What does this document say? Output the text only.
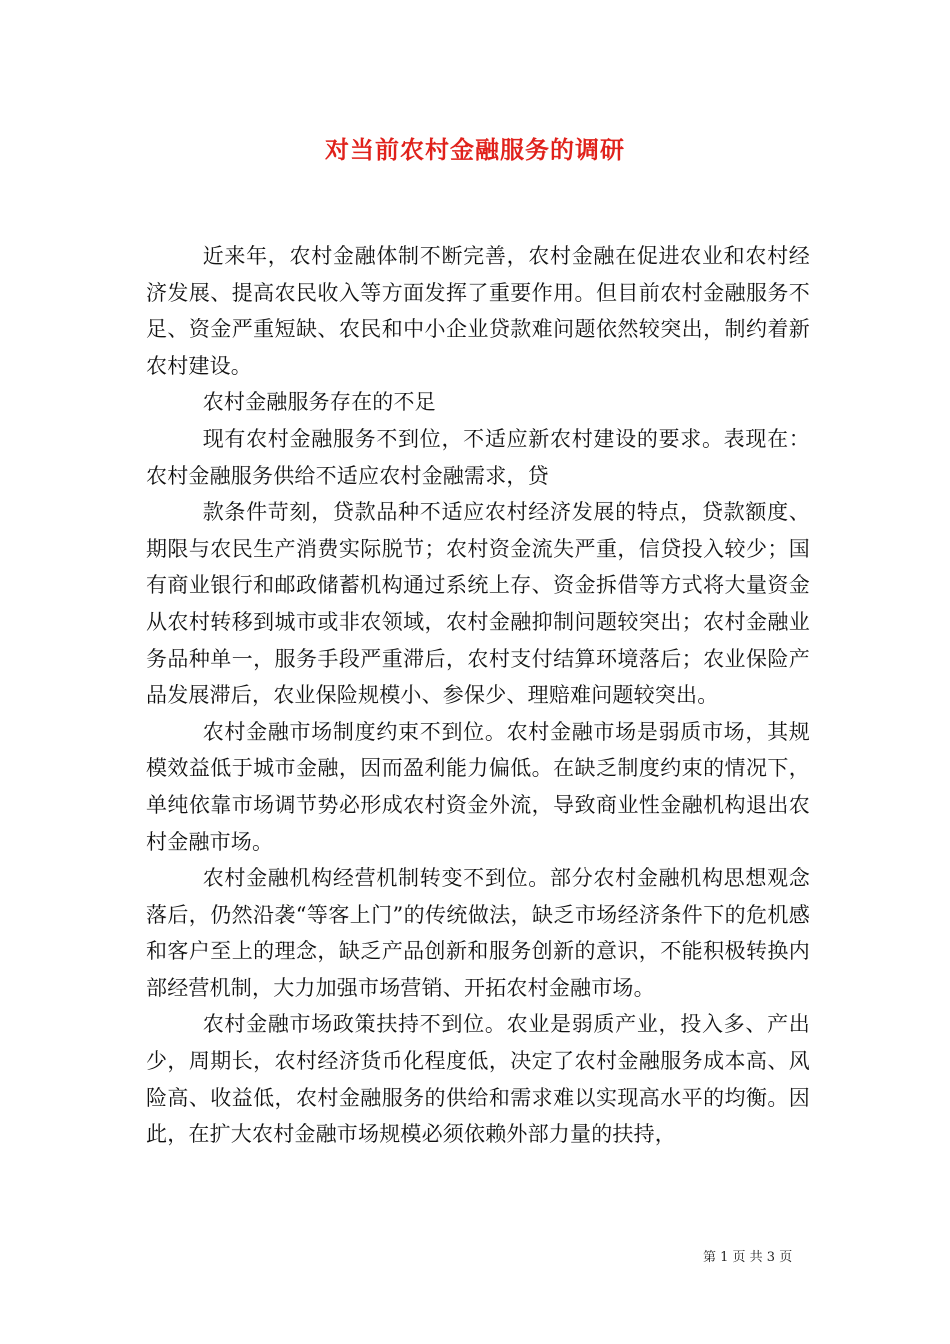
对当前农村金融服务的调研

近来年，农村金融体制不断完善，农村金融在促进农业和农村经济发展、提高农民收入等方面发挥了重要作用。但目前农村金融服务不足、资金严重短缺、农民和中小企业贷款难问题依然较突出，制约着新农村建设。

农村金融服务存在的不足

现有农村金融服务不到位，不适应新农村建设的要求。表现在：农村金融服务供给不适应农村金融需求，贷

款条件苛刻，贷款品种不适应农村经济发展的特点，贷款额度、期限与农民生产消费实际脱节；农村资金流失严重，信贷投入较少；国有商业银行和邮政储蓄机构通过系统上存、资金拆借等方式将大量资金从农村转移到城市或非农领域，农村金融抑制问题较突出；农村金融业务品种单一，服务手段严重滞后，农村支付结算环境落后；农业保险产品发展滞后，农业保险规模小、参保少、理赔难问题较突出。

农村金融市场制度约束不到位。农村金融市场是弱质市场，其规模效益低于城市金融，因而盈利能力偏低。在缺乏制度约束的情况下，单纯依靠市场调节势必形成农村资金外流，导致商业性金融机构退出农村金融市场。

农村金融机构经营机制转变不到位。部分农村金融机构思想观念落后，仍然沿袭“等客上门”的传统做法，缺乏市场经济条件下的危机感和客户至上的理念，缺乏产品创新和服务创新的意识，不能积极转换内部经营机制，大力加强市场营销、开拓农村金融市场。

农村金融市场政策扶持不到位。农业是弱质产业，投入多、产出少，周期长，农村经济货币化程度低，决定了农村金融服务成本高、风险高、收益低，农村金融服务的供给和需求难以实现高水平的均衡。因此，在扩大农村金融市场规模必须依赖外部力量的扶持，

第 1 页 共 3 页
